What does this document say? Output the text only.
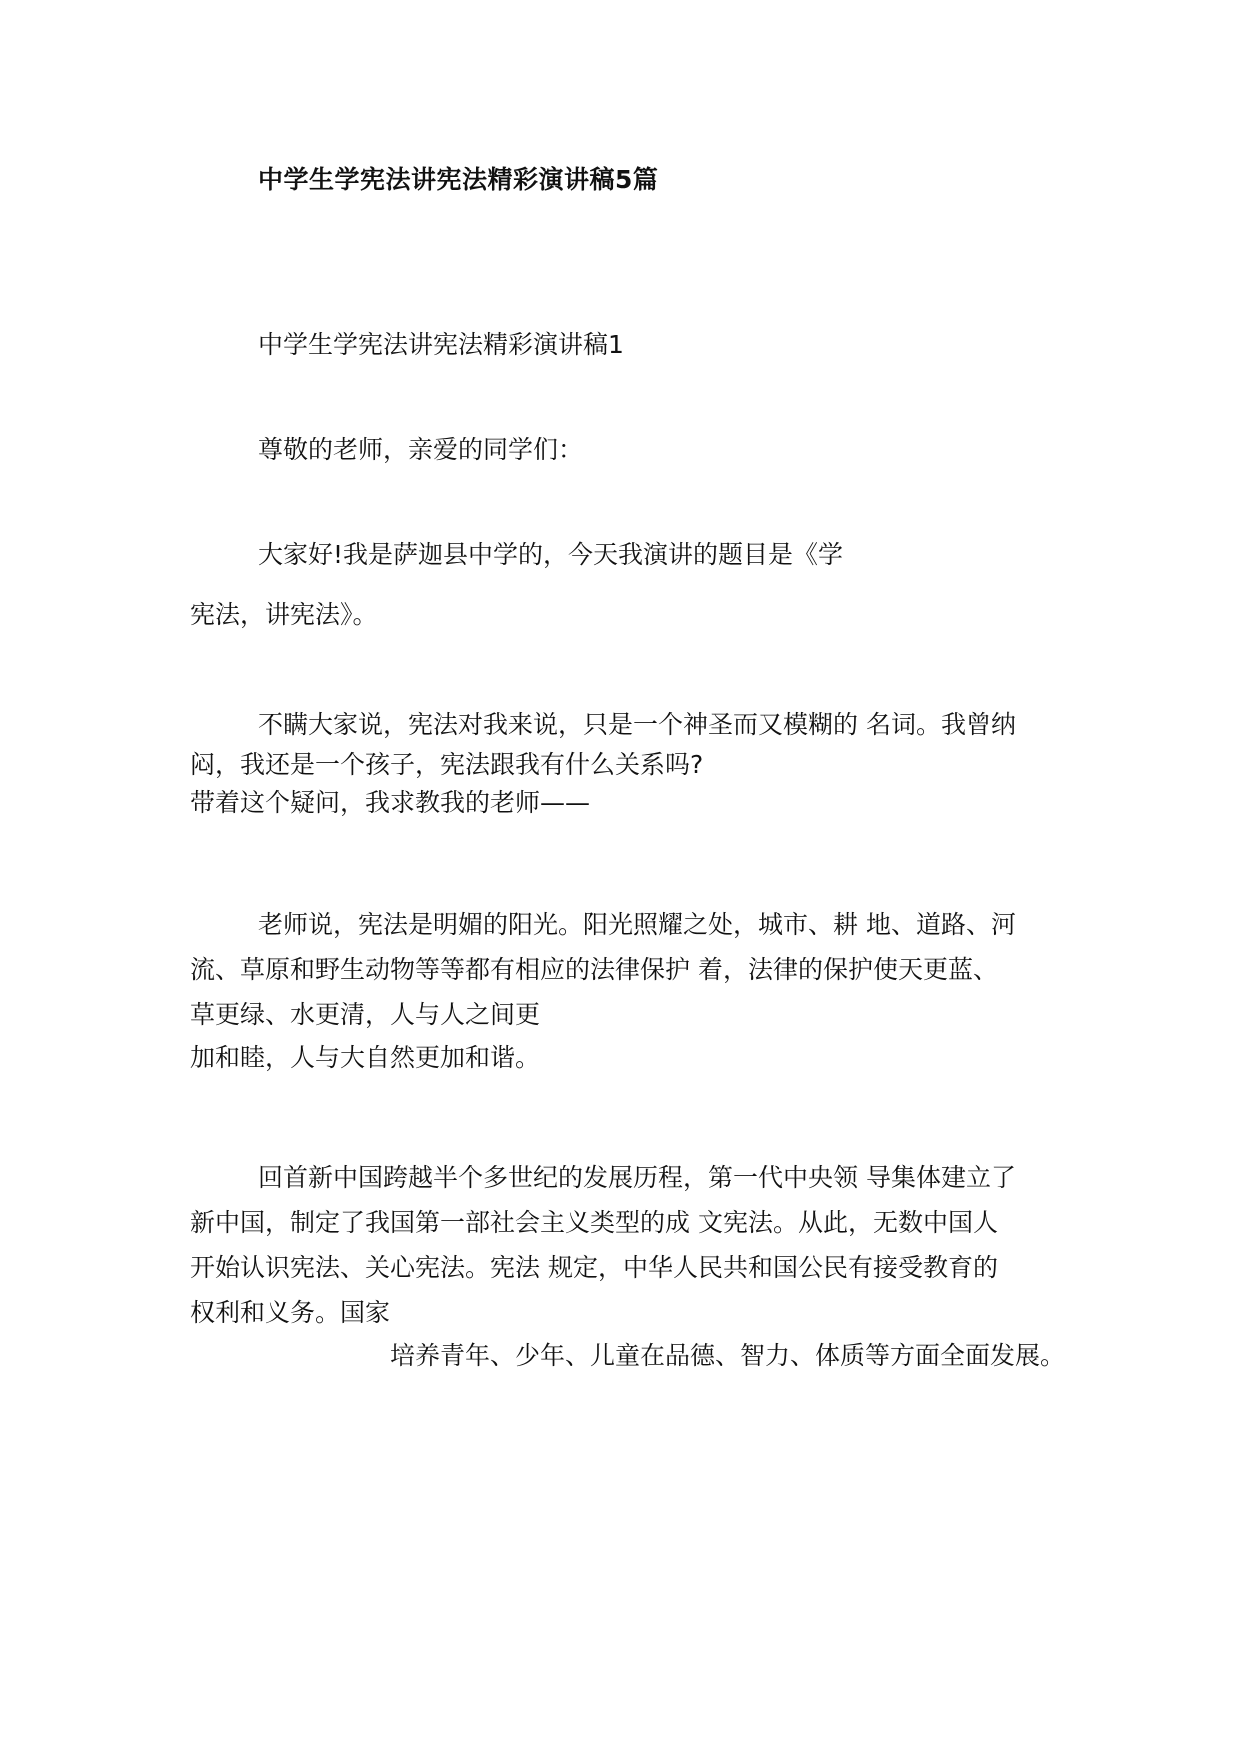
中学生学宪法讲宪法精彩演讲稿5篇
中学生学宪法讲宪法精彩演讲稿1
尊敬的老师，亲爱的同学们：
大家好!我是萨迦县中学的，今天我演讲的题目是《学
宪法，讲宪法》。
不瞒大家说，宪法对我来说，只是一个神圣而又模糊的 名词。我曾纳
闷，我还是一个孩子，宪法跟我有什么关系吗?
带着这个疑问，我求教我的老师——
老师说，宪法是明媚的阳光。阳光照耀之处，城市、耕 地、道路、河
流、草原和野生动物等等都有相应的法律保护 着，法律的保护使天更蓝、
草更绿、水更清，人与人之间更
加和睦，人与大自然更加和谐。
回首新中国跨越半个多世纪的发展历程，第一代中央领 导集体建立了
新中国，制定了我国第一部社会主义类型的成 文宪法。从此，无数中国人
开始认识宪法、关心宪法。宪法 规定，中华人民共和国公民有接受教育的
权利和义务。国家
培养青年、少年、儿童在品德、智力、体质等方面全面发展。
